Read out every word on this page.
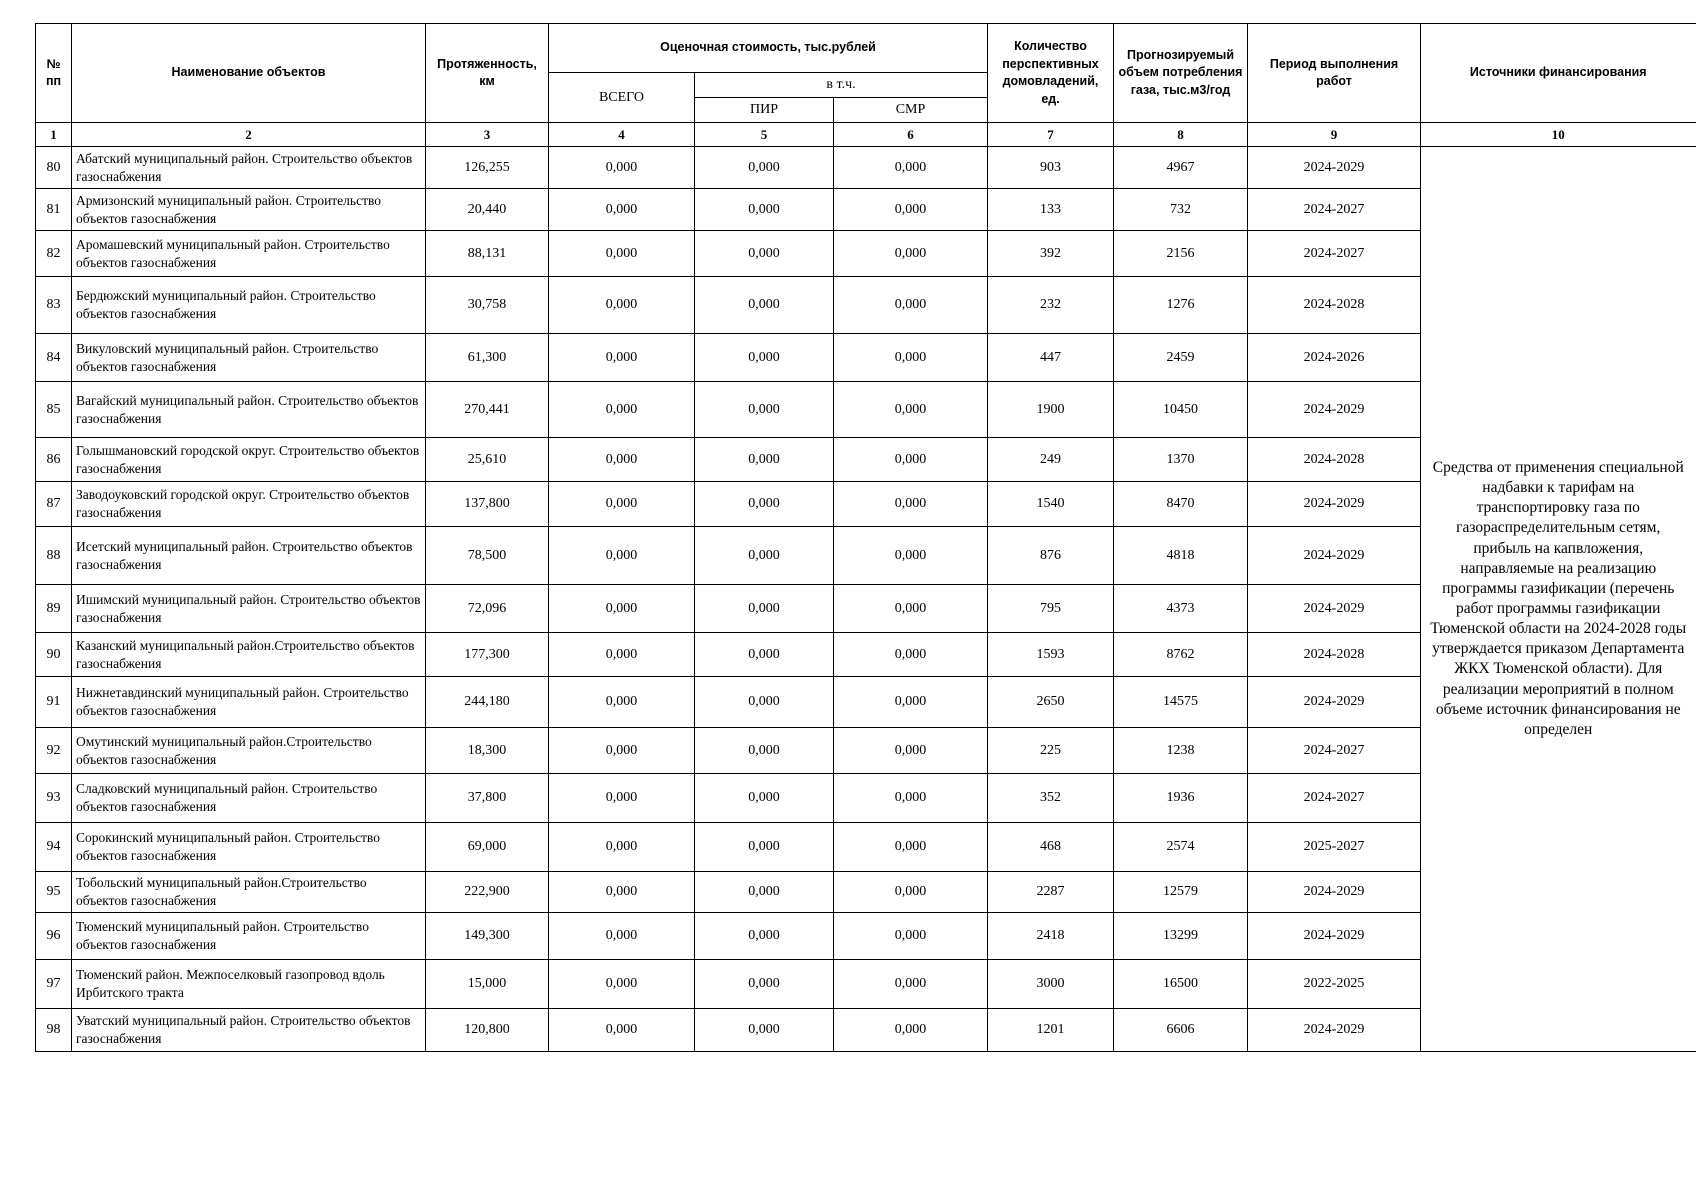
№ пп	Наименование объектов	Протяженность, км	Оценочная стоимость, тыс.рублей			Количество перспективных домовладений, ед.	Прогнозируемый объем потребления газа, тыс.м3/год	Период выполнения работ	Источники финансирования
			ВСЕГО	в т.ч.					
				ПИР	СМР				
1	2	3	4	5	6	7	8	9	10
80	Абатский муниципальный район. Строительство объектов газоснабжения	126,255	0,000	0,000	0,000	903	4967	2024-2029	Средства от применения специальной надбавки к тарифам на транспортировку газа по газораспределительным сетям, прибыль на капвложения, направляемые на реализацию программы газификации (перечень работ программы газификации Тюменской области на 2024-2028 годы утверждается приказом Департамента ЖКХ Тюменской области). Для реализации мероприятий в полном объеме источник финансирования не определен
81	Армизонский муниципальный район. Строительство объектов газоснабжения	20,440	0,000	0,000	0,000	133	732	2024-2027	
82	Аромашевский муниципальный район. Строительство объектов газоснабжения	88,131	0,000	0,000	0,000	392	2156	2024-2027	
83	Бердюжский муниципальный район. Строительство объектов газоснабжения	30,758	0,000	0,000	0,000	232	1276	2024-2028	
84	Викуловский муниципальный район. Строительство объектов газоснабжения	61,300	0,000	0,000	0,000	447	2459	2024-2026	
85	Вагайский муниципальный район. Строительство объектов газоснабжения	270,441	0,000	0,000	0,000	1900	10450	2024-2029	
86	Голышмановский городской округ. Строительство объектов газоснабжения	25,610	0,000	0,000	0,000	249	1370	2024-2028	
87	Заводоуковский городской округ. Строительство объектов газоснабжения	137,800	0,000	0,000	0,000	1540	8470	2024-2029	
88	Исетский муниципальный район. Строительство объектов газоснабжения	78,500	0,000	0,000	0,000	876	4818	2024-2029	
89	Ишимский муниципальный район. Строительство объектов газоснабжения	72,096	0,000	0,000	0,000	795	4373	2024-2029	
90	Казанский муниципальный район.Строительство объектов газоснабжения	177,300	0,000	0,000	0,000	1593	8762	2024-2028	
91	Нижнетавдинский муниципальный район. Строительство объектов газоснабжения	244,180	0,000	0,000	0,000	2650	14575	2024-2029	
92	Омутинский муниципальный район.Строительство объектов газоснабжения	18,300	0,000	0,000	0,000	225	1238	2024-2027	
93	Сладковский муниципальный район. Строительство объектов газоснабжения	37,800	0,000	0,000	0,000	352	1936	2024-2027	
94	Сорокинский муниципальный район. Строительство объектов газоснабжения	69,000	0,000	0,000	0,000	468	2574	2025-2027	
95	Тобольский муниципальный район.Строительство объектов газоснабжения	222,900	0,000	0,000	0,000	2287	12579	2024-2029	
96	Тюменский муниципальный район. Строительство объектов газоснабжения	149,300	0,000	0,000	0,000	2418	13299	2024-2029	
97	Тюменский район. Межпоселковый газопровод вдоль Ирбитского тракта	15,000	0,000	0,000	0,000	3000	16500	2022-2025	
98	Уватский муниципальный район. Строительство объектов газоснабжения	120,800	0,000	0,000	0,000	1201	6606	2024-2029	
